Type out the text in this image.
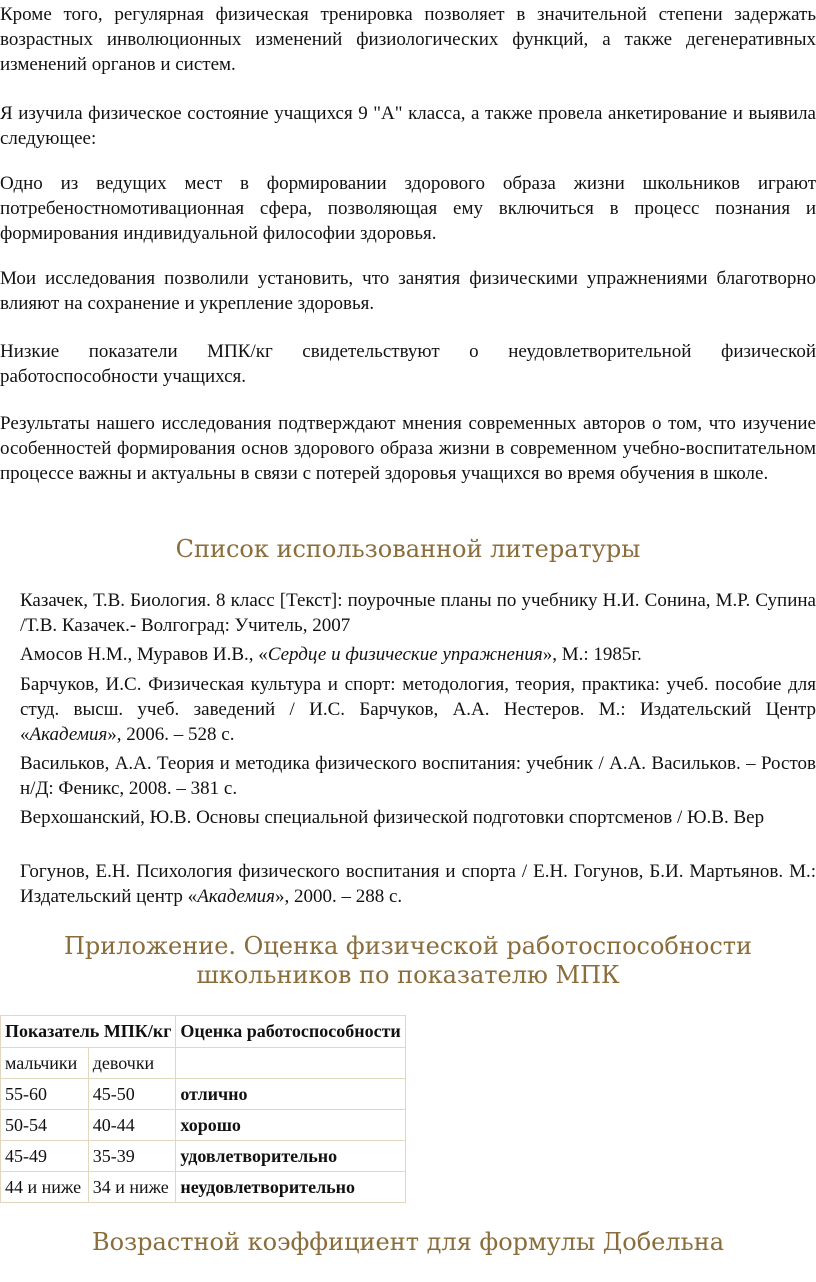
Кроме того, регулярная физическая тренировка позволяет в значительной степени задержать возрастных инволюционных изменений физиологических функций, а также дегенеративных изменений органов и систем.

Я изучила физическое состояние учащихся 9 "А" класса, а также провела анкетирование и выявила следующее:

Одно из ведущих мест в формировании здорового образа жизни школьников играют потребеностномотивационная сфера, позволяющая ему включиться в процесс познания и формирования индивидуальной философии здоровья.

Мои исследования позволили установить, что занятия физическими упражнениями благотворно влияют на сохранение и укрепление здоровья.

Низкие показатели МПК/кг свидетельствуют о неудовлетворительной физической работоспособности учащихся.

Результаты нашего исследования подтверждают мнения современных авторов о том, что изучение особенностей формирования основ здорового образа жизни в современном учебно-воспитательном процессе важны и актуальны в связи с потерей здоровья учащихся во время обучения в школе.

Список использованной литературы

Казачек, Т.В. Биология. 8 класс [Текст]: поурочные планы по учебнику Н.И. Сонина, М.Р. Супина /Т.В. Казачек.- Волгоград: Учитель, 2007

Амосов Н.М., Муравов И.В., «Сердце и физические упражнения», М.: 1985г.

Барчуков, И.С. Физическая культура и спорт: методология, теория, практика: учеб. пособие для студ. высш. учеб. заведений / И.С. Барчуков, А.А. Нестеров. М.: Издательский Центр «Академия», 2006. – 528 с.

Васильков, А.А. Теория и методика физического воспитания: учебник / А.А. Васильков. – Ростов н/Д: Феникс, 2008. – 381 с.

Верхошанский, Ю.В. Основы специальной физической подготовки спортсменов / Ю.В. Вер

Гогунов, Е.Н. Психология физического воспитания и спорта / Е.Н. Гогунов, Б.И. Мартьянов. М.: Издательский центр «Академия», 2000. – 288 с.

Приложение. Оценка физической работоспособности
школьников по показателю МПК
Показатель МПК/кг		Оценка работоспособности
мальчики	девочки	
55-60	45-50	отлично
50-54	40-44	хорошо
45-49	35-39	удовлетворительно
44 и ниже	34 и ниже	неудовлетворительно
Возрастной коэффициент для формулы Добельна
